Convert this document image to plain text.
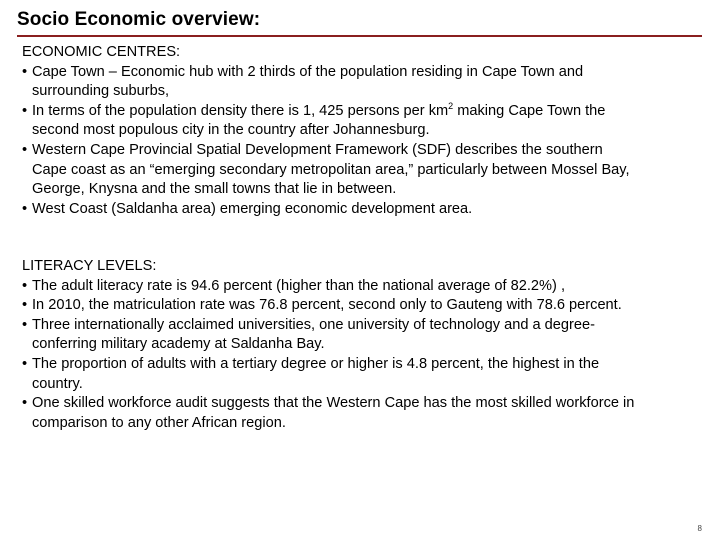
Socio Economic overview:
ECONOMIC CENTRES:
• Cape Town – Economic hub with 2 thirds of the population residing in Cape Town and
surrounding suburbs,
• In terms of the population density there is 1, 425 persons per $km^2$ making Cape Town the
second most populous city in the country after Johannesburg.
• Western Cape Provincial Spatial Development Framework (SDF) describes the southern
Cape coast as an “emerging secondary metropolitan area,” particularly between Mossel Bay,
George, Knysna and the small towns that lie in between.
• West Coast (Saldanha area) emerging economic development area.
LITERACY LEVELS:
• The adult literacy rate is 94.6 percent (higher than the national average of 82.2%) ,
• In 2010, the matriculation rate was 76.8 percent, second only to Gauteng with 78.6 percent.
• Three internationally acclaimed universities, one university of technology and a degree-
conferring military academy at Saldanha Bay.
• The proportion of adults with a tertiary degree or higher is 4.8 percent, the highest in the
country.
• One skilled workforce audit suggests that the Western Cape has the most skilled workforce in
comparison to any other African region.
8
